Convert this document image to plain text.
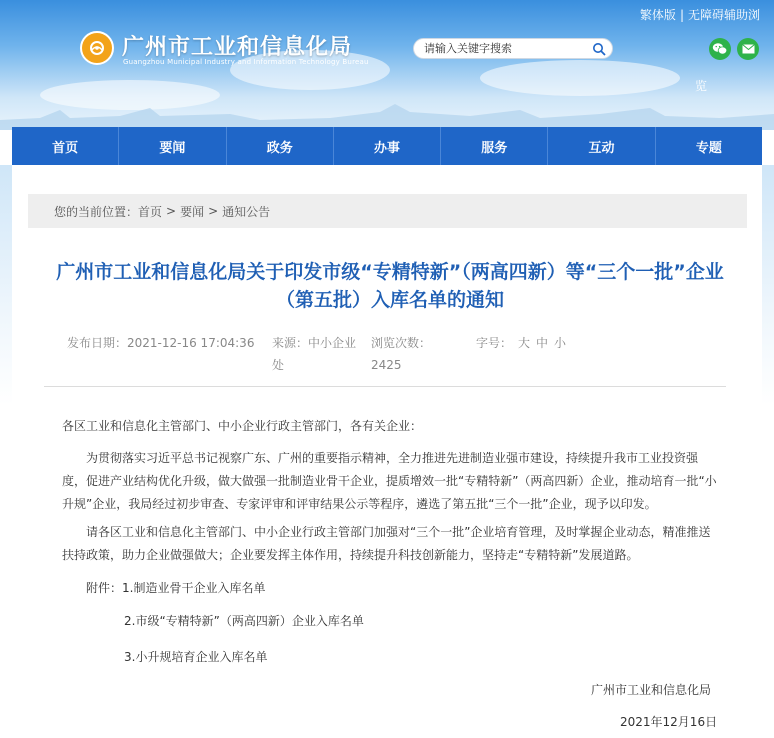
广州市工业和信息化局
Guangzhou Municipal Industry and Information Technology Bureau
繁体版 | 无障碍辅助浏
览
请输入关键字搜索
首页	要闻	政务	办事	服务	互动	专题
您的当前位置： 首页 > 要闻 > 通知公告
广州市工业和信息化局关于印发市级“专精特新”（两高四新）等“三个一批”企业（第五批）入库名单的通知
发布日期：2021-12-16 17:04:36 来源：中小企业处
浏览次数：2425
字号： 大 中 小
各区工业和信息化主管部门、中小企业行政主管部门，各有关企业：
为贯彻落实习近平总书记视察广东、广州的重要指示精神，全力推进先进制造业强市建设，持续提升我市工业投资强度，促进产业结构优化升级，做大做强一批制造业骨干企业，提质增效一批“专精特新”（两高四新）企业，推动培育一批“小升规”企业，我局经过初步审查、专家评审和评审结果公示等程序，遴选了第五批“三个一批”企业，现予以印发。
请各区工业和信息化主管部门、中小企业行政主管部门加强对“三个一批”企业培育管理，及时掌握企业动态，精准推送扶持政策，助力企业做强做大；企业要发挥主体作用，持续提升科技创新能力，坚持走“专精特新”发展道路。
附件：1.制造业骨干企业入库名单
2.市级“专精特新”（两高四新）企业入库名单
3.小升规培育企业入库名单
广州市工业和信息化局
2021年12月16日
